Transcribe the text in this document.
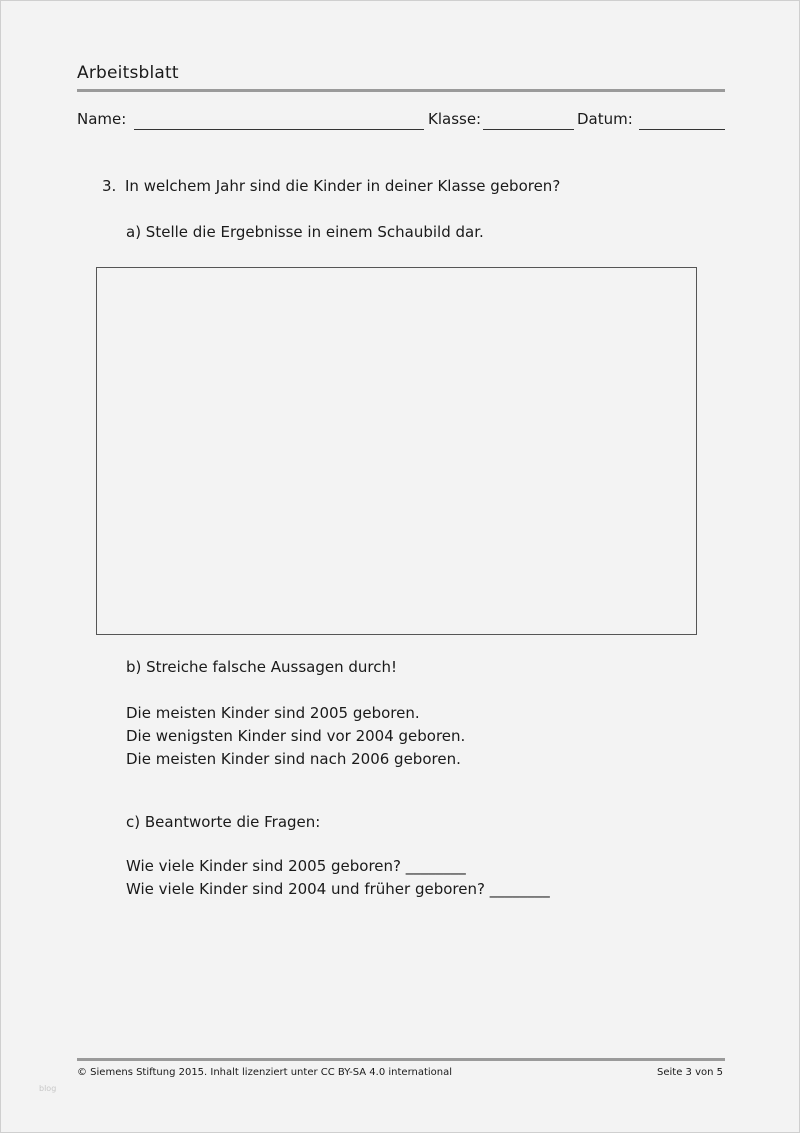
Arbeitsblatt
Name:	Klasse:	Datum:
3. In welchem Jahr sind die Kinder in deiner Klasse geboren?
a) Stelle die Ergebnisse in einem Schaubild dar.
b) Streiche falsche Aussagen durch!
Die meisten Kinder sind 2005 geboren.
Die wenigsten Kinder sind vor 2004 geboren.
Die meisten Kinder sind nach 2006 geboren.
c) Beantworte die Fragen:
Wie viele Kinder sind 2005 geboren? ________
Wie viele Kinder sind 2004 und früher geboren? ________
© Siemens Stiftung 2015. Inhalt lizenziert unter CC BY-SA 4.0 international	Seite 3 von 5
blog
